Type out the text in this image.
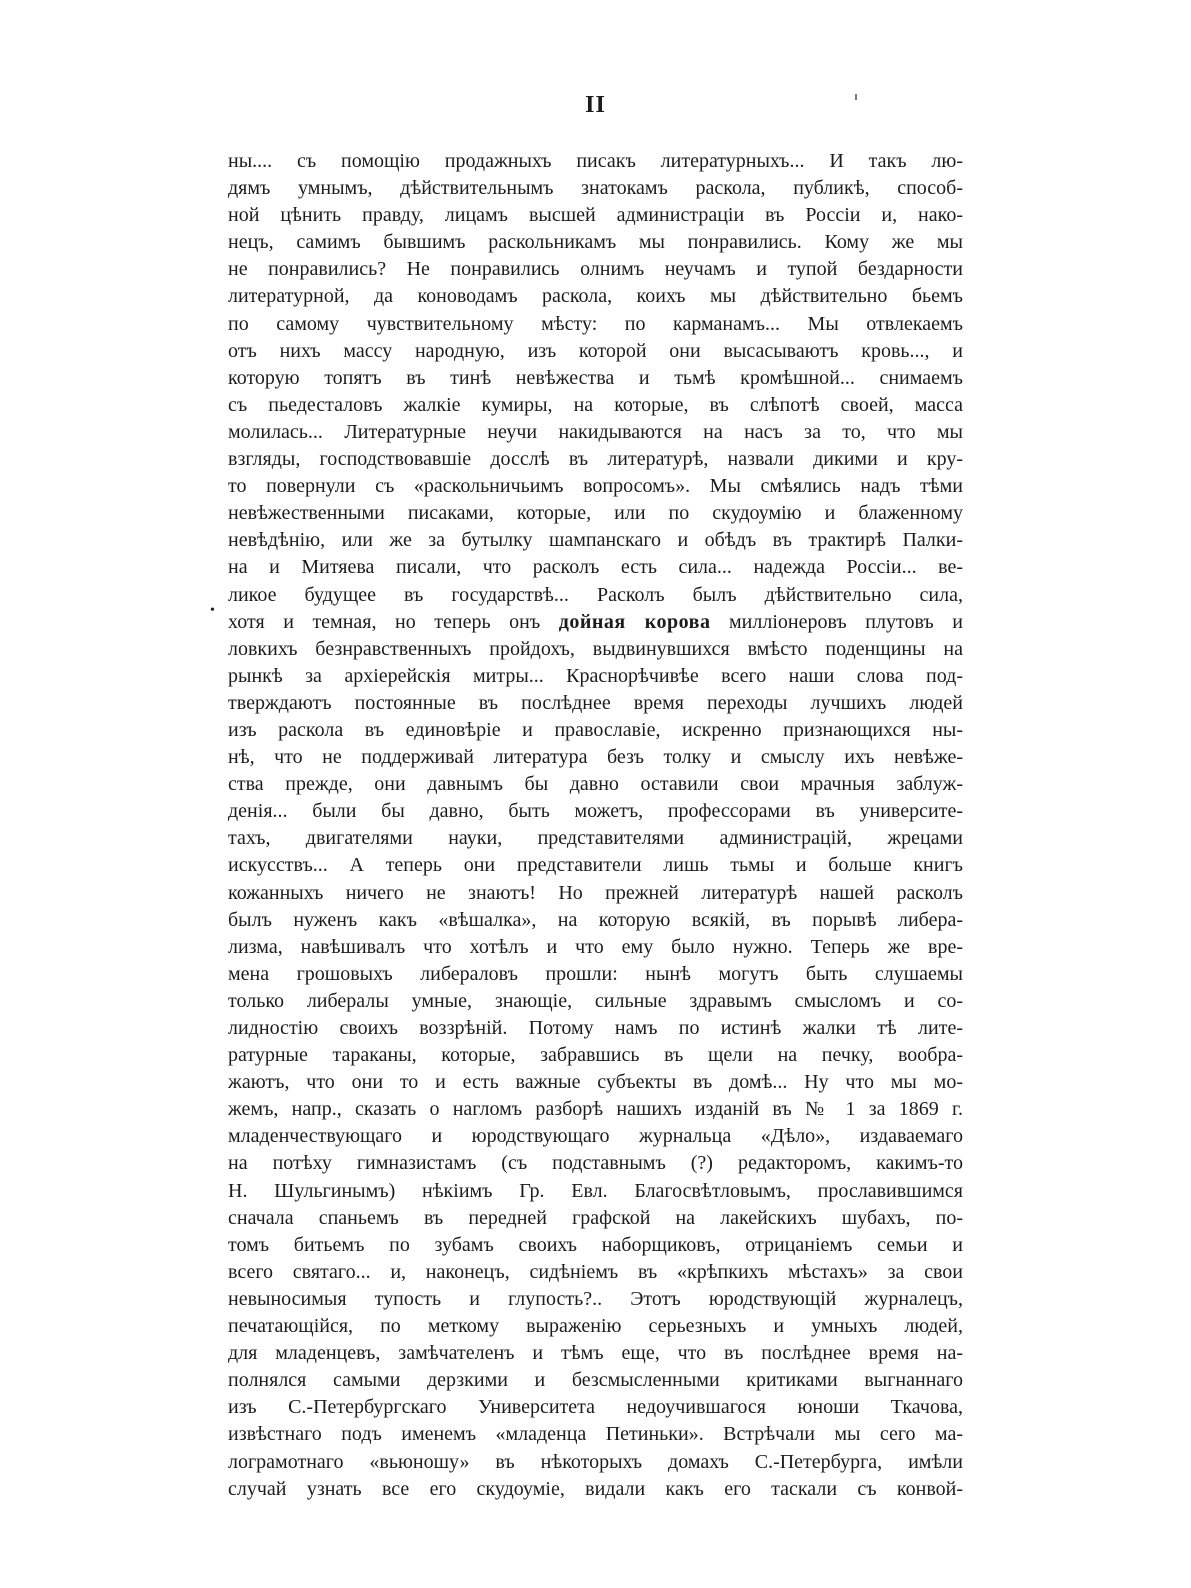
II
ны.... съ помощію продажныхъ писакъ литературныхъ... И такъ лю-
дямъ умнымъ, дѣйствительнымъ знатокамъ раскола, публикѣ, способ-
ной цѣнить правду, лицамъ высшей администраціи въ Россіи и, нако-
нецъ, самимъ бывшимъ раскольникамъ мы понравились. Кому же мы
не понравились? Не понравились олнимъ неучамъ и тупой бездарности
литературной, да коноводамъ раскола, коихъ мы дѣйствительно бьемъ
по самому чувствительному мѣсту: по карманамъ... Мы отвлекаемъ
отъ нихъ массу народную, изъ которой они высасываютъ кровь..., и
которую топятъ въ тинѣ невѣжества и тьмѣ кромѣшной... снимаемъ
съ пьедесталовъ жалкіе кумиры, на которые, въ слѣпотѣ своей, масса
молилась... Литературные неучи накидываются на насъ за то, что мы
взгляды, господствовавшіе досслѣ въ литературѣ, назвали дикими и кру-
то повернули съ «раскольничьимъ вопросомъ». Мы смѣялись надъ тѣми
невѣжественными писаками, которые, или по скудоумію и блаженному
невѣдѣнію, или же за бутылку шампанскаго и обѣдъ въ трактирѣ Палки-
на и Митяева писали, что расколъ есть сила... надежда Россіи... ве-
ликое будущее въ государствѣ... Расколъ былъ дѣйствительно сила,
хотя и темная, но теперь онъ дойная корова милліонеровъ плутовъ и
ловкихъ безнравственныхъ пройдохъ, выдвинувшихся вмѣсто поденщины на
рынкѣ за архіерейскія митры... Краснорѣчивѣе всего наши слова под-
тверждаютъ постоянные въ послѣднее время переходы лучшихъ людей
изъ раскола въ единовѣріе и православіе, искренно признающихся ны-
нѣ, что не поддерживай литература безъ толку и смыслу ихъ невѣже-
ства прежде, они давнымъ бы давно оставили свои мрачныя заблуж-
денія... были бы давно, быть можетъ, профессорами въ университе-
тахъ, двигателями науки, представителями администрацій, жрецами
искусствъ... А теперь они представители лишь тьмы и больше книгъ
кожанныхъ ничего не знаютъ! Но прежней литературѣ нашей расколъ
былъ нуженъ какъ «вѣшалка», на которую всякій, въ порывѣ либера-
лизма, навѣшивалъ что хотѣлъ и что ему было нужно. Теперь же вре-
мена грошовыхъ либераловъ прошли: нынѣ могутъ быть слушаемы
только либералы умные, знающіе, сильные здравымъ смысломъ и со-
лидностію своихъ воззрѣній. Потому намъ по истинѣ жалки тѣ лите-
ратурные тараканы, которые, забравшись въ щели на печку, вообра-
жаютъ, что они то и есть важные субъекты въ домѣ... Ну что мы мо-
жемъ, напр., сказать о нагломъ разборѣ нашихъ изданій въ № 1 за 1869 г.
младенчествующаго и юродствующаго журнальца «Дѣло», издаваемаго
на потѣху гимназистамъ (съ подставнымъ (?) редакторомъ, какимъ-то
Н. Шульгинымъ) нѣкіимъ Гр. Евл. Благосвѣтловымъ, прославившимся
сначала спаньемъ въ передней графской на лакейскихъ шубахъ, по-
томъ битьемъ по зубамъ своихъ наборщиковъ, отрицаніемъ семьи и
всего святаго... и, наконецъ, сидѣніемъ въ «крѣпкихъ мѣстахъ» за свои
невыносимыя тупость и глупость?.. Этотъ юродствующій журналецъ,
печатающійся, по меткому выраженію серьезныхъ и умныхъ людей,
для младенцевъ, замѣчателенъ и тѣмъ еще, что въ послѣднее время на-
полнялся самыми дерзкими и безсмысленными критиками выгнаннаго
изъ С.-Петербургскаго Университета недоучившагося юноши Ткачова,
извѣстнаго подъ именемъ «младенца Петиньки». Встрѣчали мы сего ма-
лограмотнаго «вьюношу» въ нѣкоторыхъ домахъ С.-Петербурга, имѣли
случай узнать все его скудоуміе, видали какъ его таскали съ конвой-
•
